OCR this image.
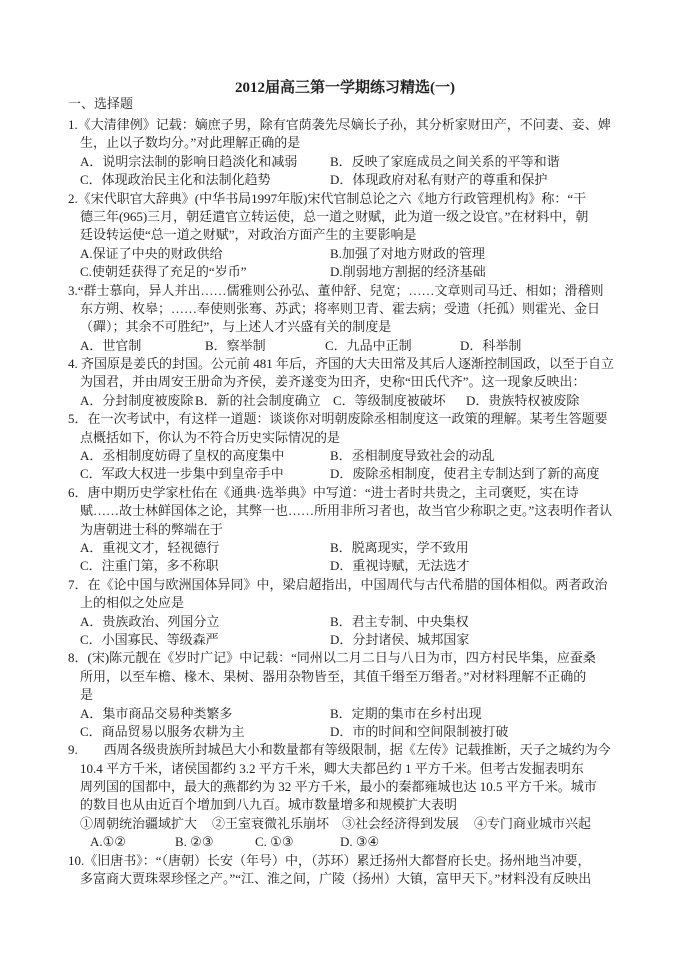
2012届高三第一学期练习精选(一)
一、选择题
1.《大清律例》记载：嫡庶子男，除有官荫袭先尽嫡长子孙，其分析家财田产，不问妻、妾、婢
生，止以子数均分。”对此理解正确的是

A．说明宗法制的影响日趋淡化和减弱

	B．反映了家庭成员之间关系的平等和谐

C．体现政治民主化和法制化趋势

	D．体现政府对私有财产的尊重和保护

2.《宋代职官大辞典》(中华书局1997年版)宋代官制总论之六《地方行政管理机构》称：“干
德三年(965)三月，朝廷遣官立转运使，总一道之财赋，此为道一级之设官。”在材料中，朝
廷设转运使“总一道之财赋”，对政治方面产生的主要影响是

A.保证了中央的财政供给

	B.加强了对地方财政的管理

C.使朝廷获得了充足的“岁币”

	D.削弱地方割据的经济基础

3.“群士慕向，异人并出……儒雅则公孙弘、董仲舒、兒宽；……文章则司马迁、相如；滑稽则
东方朔、枚皋；……奉使则张骞、苏武；将率则卫青、霍去病；受遗（托孤）则霍光、金日
（磾）；其余不可胜纪”，与上述人才兴盛有关的制度是

A．世官制

	B．察举制

	C．九品中正制

	D．科举制

4. 齐国原是姜氏的封国。公元前 481 年后，齐国的大夫田常及其后人逐渐控制国政，以至于自立
为国君，并由周安王册命为齐侯，姜齐遂变为田齐，史称“田氏代齐”。这一现象反映出：

A．分封制度被废除

B．新的社会制度确立

C．等级制度被破坏

D．贵族特权被废除

5．在一次考试中，有这样一道题：谈谈你对明朝废除丞相制度这一政策的理解。某考生答题要
点概括如下，你认为不符合历史实际情况的是

A．丞相制度妨碍了皇权的高度集中

	B．丞相制度导致社会的动乱

C．军政大权进一步集中到皇帝手中

	D．废除丞相制度，使君主专制达到了新的高度

6．唐中期历史学家杜佑在《通典·选举典》中写道：“进士者时共贵之，主司褒贬，实在诗
赋……故士林鲜国体之论，其弊一也……所用非所习者也，故当官少称职之吏。”这表明作者认
为唐朝进士科的弊端在于

A．重视文才，轻视德行

	B．脱离现实，学不致用

C．注重门第，多不称职

	D．重视诗赋，无法选才

7．在《论中国与欧洲国体异同》中，梁启超指出，中国周代与古代希腊的国体相似。两者政治
上的相似之处应是

A．贵族政治、列国分立

	B．君主专制、中央集权

C．小国寡民、等级森严

	D．分封诸侯、城邦国家

8．(宋)陈元靓在《岁时广记》中记载：“同州以二月二日与八日为市，四方村民毕集，应蚕桑
所用，以至车檐、椽木、果树、器用杂物皆至，其值千缗至万缗者。”对材料理解不正确的
是

A．集市商品交易种类繁多

	B．定期的集市在乡村出现

C．商品贸易以服务农耕为主

	D．市的时间和空间限制被打破

9.　　西周各级贵族所封城邑大小和数量都有等级限制，据《左传》记载推断，天子之城约为今
10.4 平方千米，诸侯国都约 3.2 平方千米，卿大夫都邑约 1 平方千米。但考古发掘表明东
周列国的国都中，最大的燕都约为 32 平方千米，最小的秦都雍城也达 10.5 平方千米。城市
的数目也从由近百个增加到八九百。城市数量增多和规模扩大表明

①周朝统治疆域扩大

②王室衰微礼乐崩坏

③社会经济得到发展

④专门商业城市兴起

A.①②

	B. ②③

	C. ①③

	D. ③④

10.《旧唐书》：“（唐朝）长安（年号）中，（苏环）累迁扬州大都督府长史。扬州地当冲要，
多富商大贾珠翠珍怪之产。”“江、淮之间，广陵（扬州）大镇，富甲天下。”材料没有反映出
